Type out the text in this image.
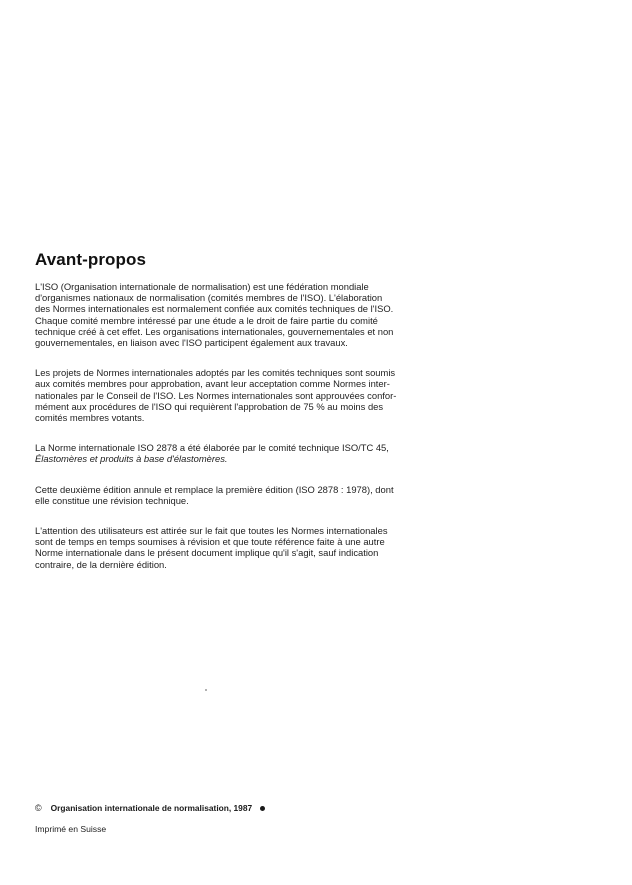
Avant-propos

L'ISO (Organisation internationale de normalisation) est une fédération mondiale
d'organismes nationaux de normalisation (comités membres de l'ISO). L'élaboration
des Normes internationales est normalement confiée aux comités techniques de l'ISO.
Chaque comité membre intéressé par une étude a le droit de faire partie du comité
technique créé à cet effet. Les organisations internationales, gouvernementales et non
gouvernementales, en liaison avec l'ISO participent également aux travaux.

Les projets de Normes internationales adoptés par les comités techniques sont soumis
aux comités membres pour approbation, avant leur acceptation comme Normes inter-
nationales par le Conseil de l'ISO. Les Normes internationales sont approuvées confor-
mément aux procédures de l'ISO qui requièrent l'approbation de 75 % au moins des
comités membres votants.

La Norme internationale ISO 2878 a été élaborée par le comité technique ISO/TC 45,
Élastomères et produits à base d'élastomères.

Cette deuxième édition annule et remplace la première édition (ISO 2878 : 1978), dont
elle constitue une révision technique.

L'attention des utilisateurs est attirée sur le fait que toutes les Normes internationales
sont de temps en temps soumises à révision et que toute référence faite à une autre
Norme internationale dans le présent document implique qu'il s'agit, sauf indication
contraire, de la dernière édition.

© Organisation internationale de normalisation, 1987
Imprimé en Suisse
